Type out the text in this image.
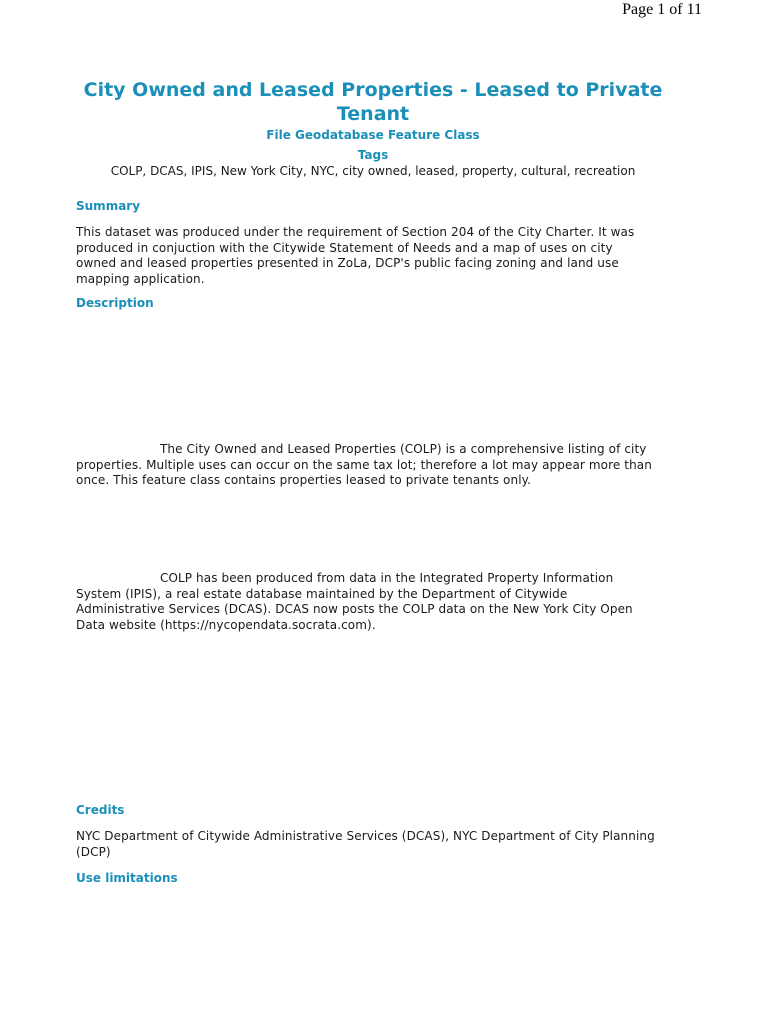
Page 1 of 11
City Owned and Leased Properties - Leased to Private Tenant

File Geodatabase Feature Class

Tags

COLP, DCAS, IPIS, New York City, NYC, city owned, leased, property, cultural, recreation

Summary

This dataset was produced under the requirement of Section 204 of the City Charter. It was produced in conjuction with the Citywide Statement of Needs and a map of uses on city owned and leased properties presented in ZoLa, DCP's public facing zoning and land use mapping application.

Description

The City Owned and Leased Properties (COLP) is a comprehensive listing of city properties. Multiple uses can occur on the same tax lot; therefore a lot may appear more than once. This feature class contains properties leased to private tenants only.

COLP has been produced from data in the Integrated Property Information System (IPIS), a real estate database maintained by the Department of Citywide Administrative Services (DCAS). DCAS now posts the COLP data on the New York City Open Data website (https://nycopendata.socrata.com).

Credits

NYC Department of Citywide Administrative Services (DCAS), NYC Department of City Planning (DCP)

Use limitations
